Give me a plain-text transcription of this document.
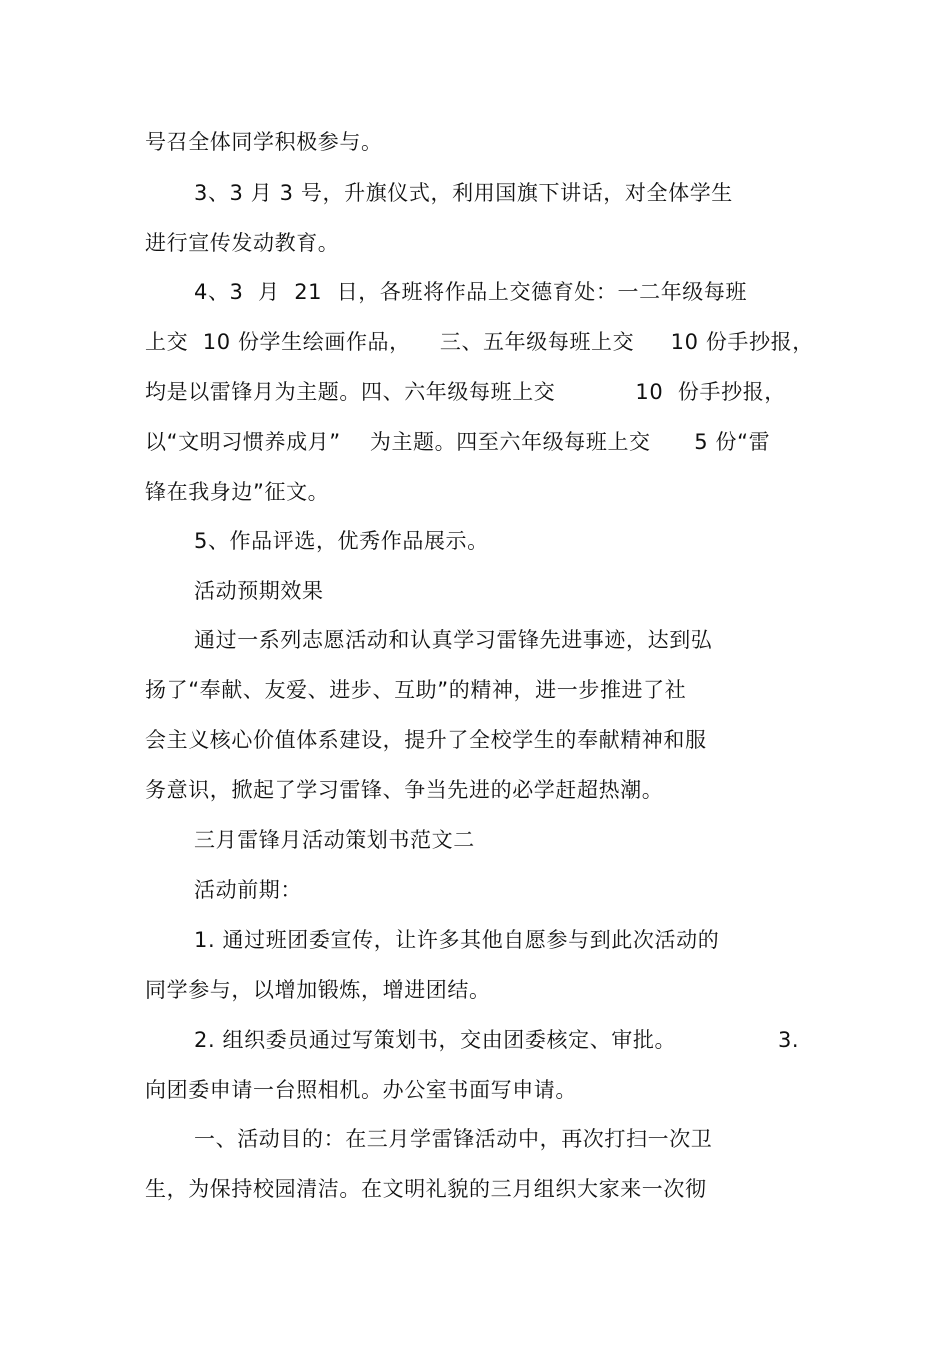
号召全体同学积极参与。
3、3 月 3 号，升旗仪式，利用国旗下讲话，对全体学生
进行宣传发动教育。
4、3  月  21  日，各班将作品上交德育处：一二年级每班
上交  10 份学生绘画作品，    三、五年级每班上交     10 份手抄报，
均是以雷锋月为主题。四、六年级每班上交           10  份手抄报，
以“文明习惯养成月”    为主题。四至六年级每班上交      5 份“雷
锋在我身边”征文。
5、作品评选，优秀作品展示。
活动预期效果
通过一系列志愿活动和认真学习雷锋先进事迹，达到弘
扬了“奉献、友爱、进步、互助”的精神，进一步推进了社
会主义核心价值体系建设，提升了全校学生的奉献精神和服
务意识，掀起了学习雷锋、争当先进的必学赶超热潮。
三月雷锋月活动策划书范文二
活动前期：
1. 通过班团委宣传，让许多其他自愿参与到此次活动的
同学参与，以增加锻炼，增进团结。
2. 组织委员通过写策划书，交由团委核定、审批。              3.
向团委申请一台照相机。办公室书面写申请。
一、活动目的：在三月学雷锋活动中，再次打扫一次卫
生，为保持校园清洁。在文明礼貌的三月组织大家来一次彻
